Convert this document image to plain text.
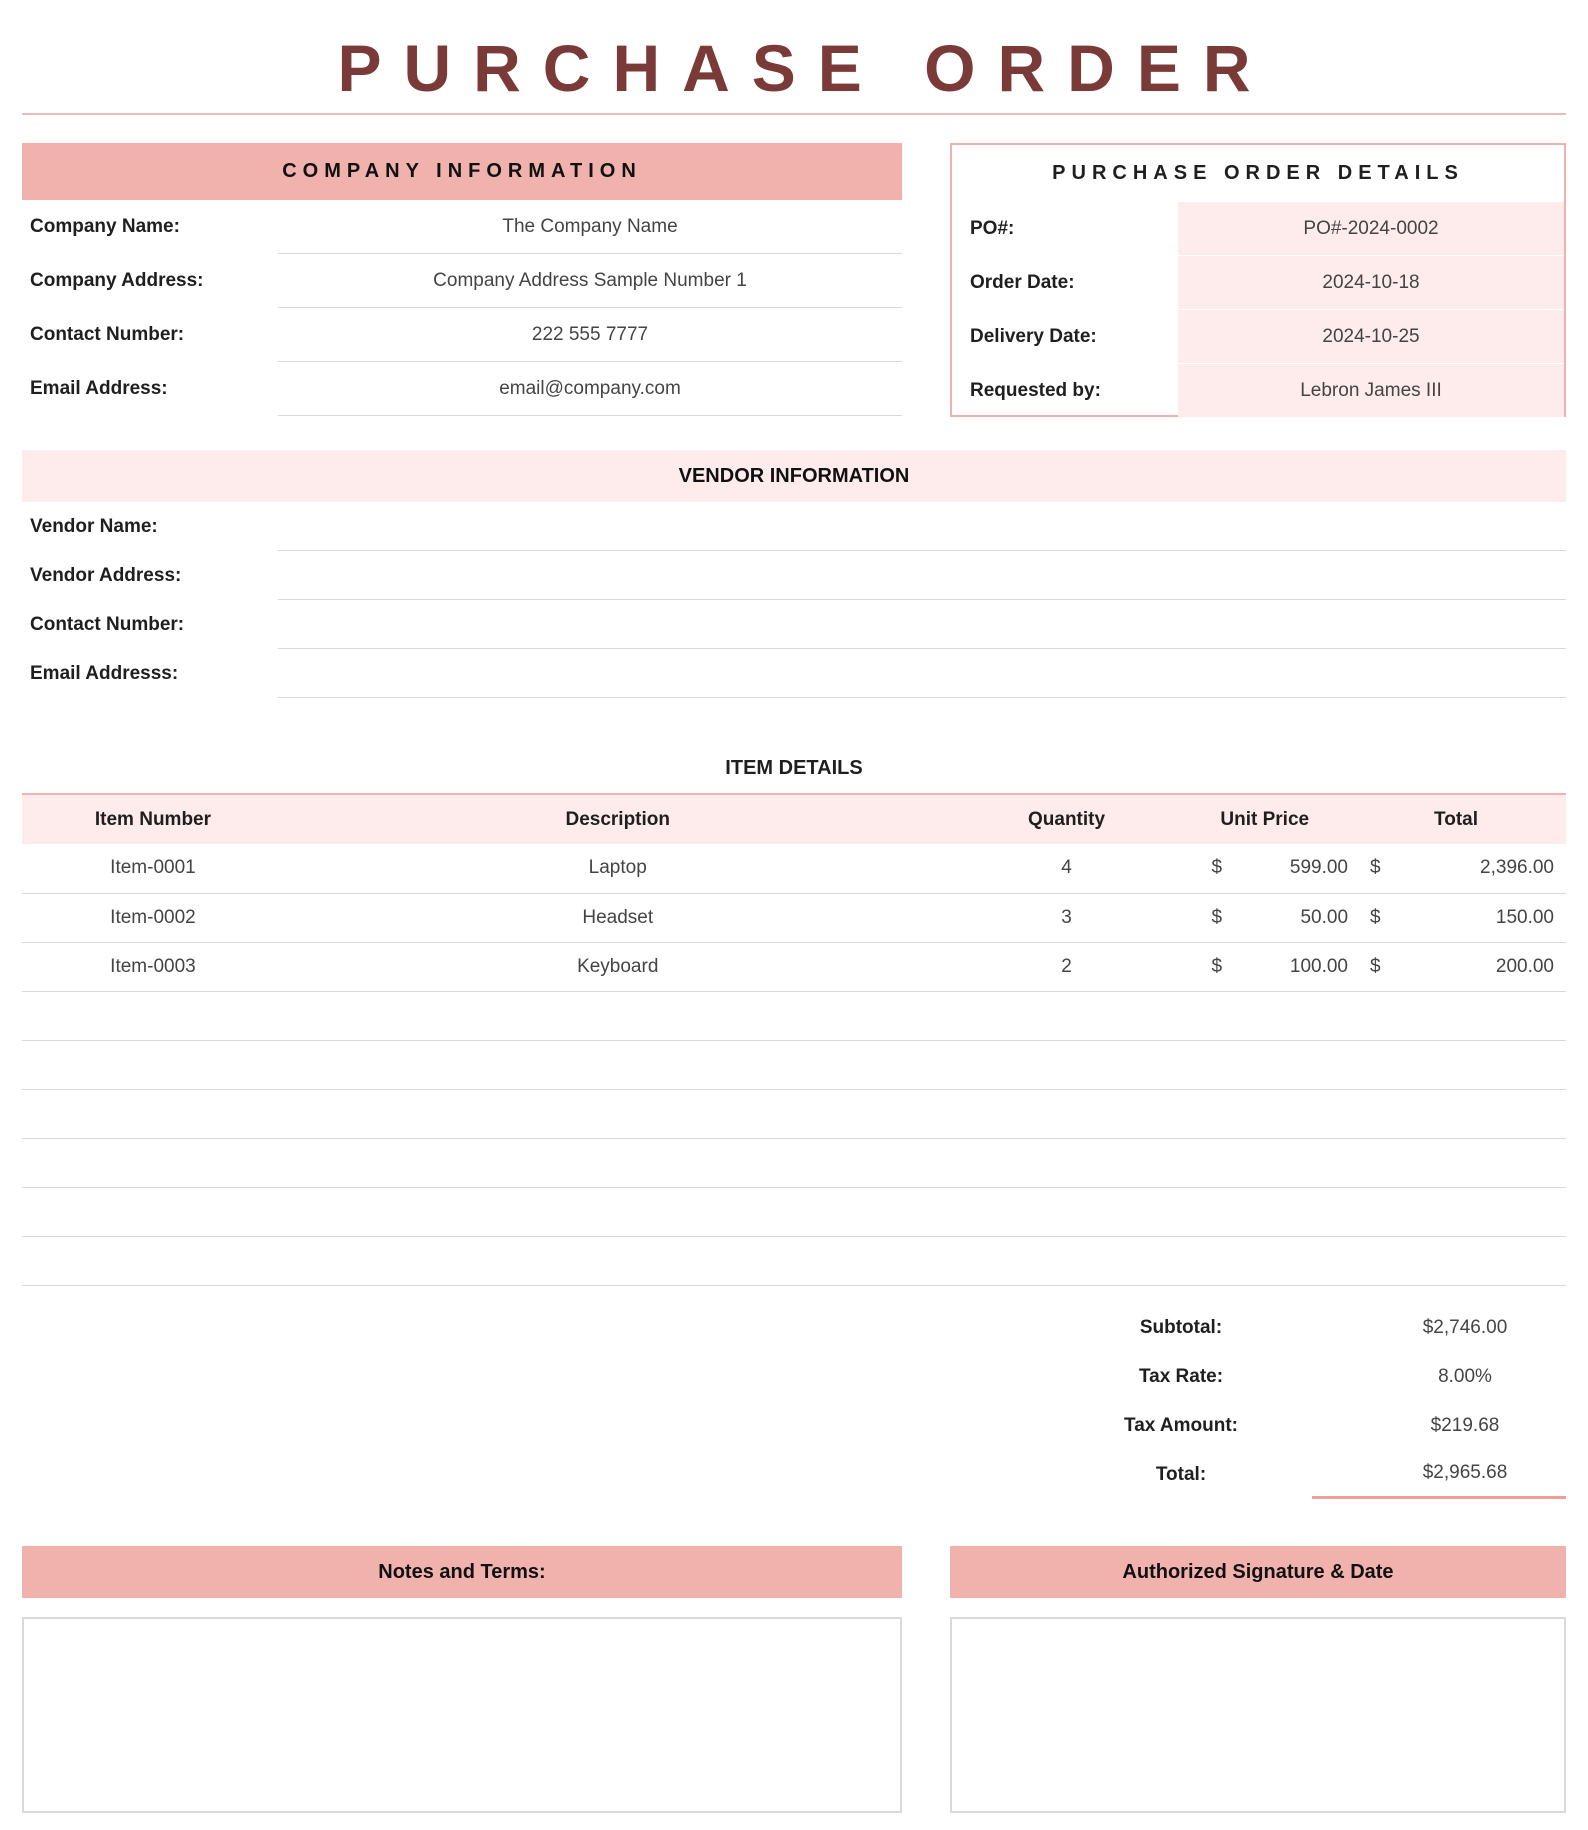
PURCHASE ORDER
COMPANY INFORMATION
Company Name:	The Company Name
Company Address:	Company Address Sample Number 1
Contact Number:	222 555 7777
Email Address:	email@company.com
PURCHASE ORDER DETAILS
PO#:	PO#-2024-0002
Order Date:	2024-10-18
Delivery Date:	2024-10-25
Requested by:	Lebron James III
VENDOR INFORMATION
Vendor Name:
Vendor Address:
Contact Number:
Email Addresss:
ITEM DETAILS
Item Number	Description	Quantity	Unit Price		Total	
Item-0001	Laptop	4	$	599.00	$	2,396.00
Item-0002	Headset	3	$	50.00	$	150.00
Item-0003	Keyboard	2	$	100.00	$	200.00

Subtotal:	$2,746.00
Tax Rate:	8.00%
Tax Amount:	$219.68
Total:	$2,965.68
Notes and Terms:	Authorized Signature & Date
